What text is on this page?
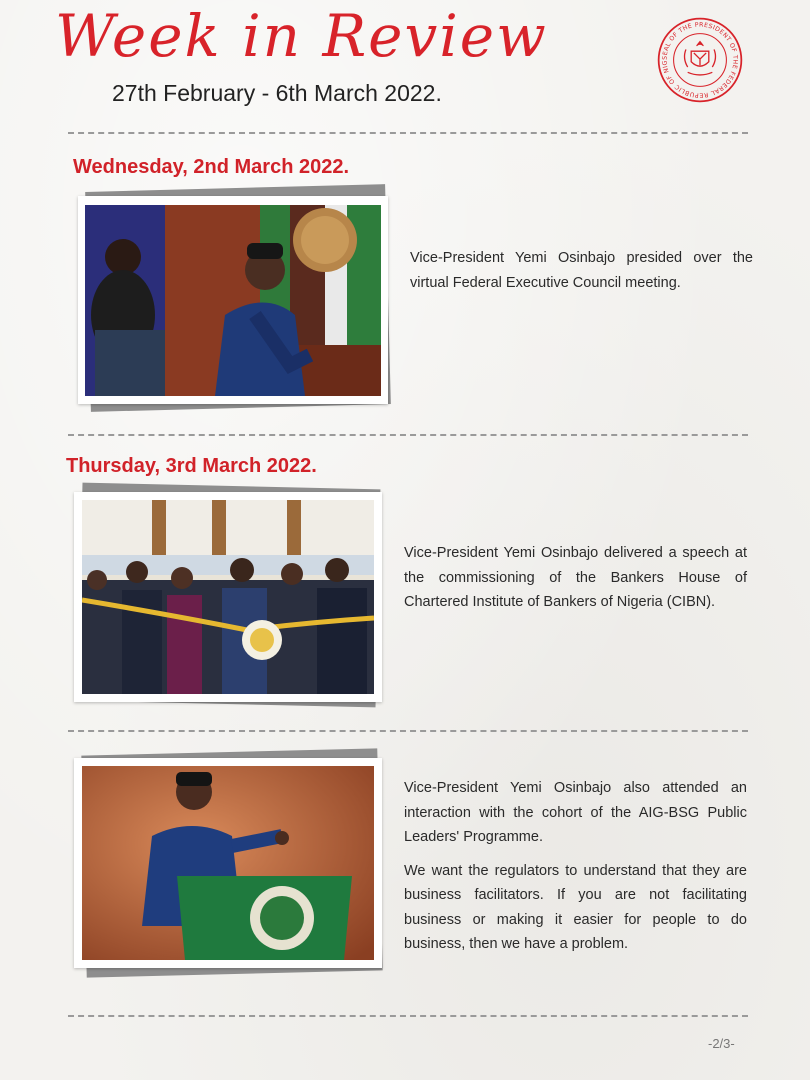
Week in Review
27th February - 6th March 2022.
SEAL OF THE PRESIDENT OF THE FEDERAL REPUBLIC OF NIG
Wednesday, 2nd March 2022.

Vice-President Yemi Osinbajo presided over the virtual Federal Executive Council meeting.

Thursday, 3rd March 2022.

Vice-President Yemi Osinbajo delivered a speech at the commissioning of the Bankers House of Chartered Institute of Bankers of Nigeria (CIBN).

Vice-President Yemi Osinbajo also attended an interaction with the cohort of the AIG-BSG Public Leaders' Programme.

We want the regulators to understand that they are business facilitators. If you are not facilitating business or making it easier for people to do business, then we have a problem.

-2/3-
